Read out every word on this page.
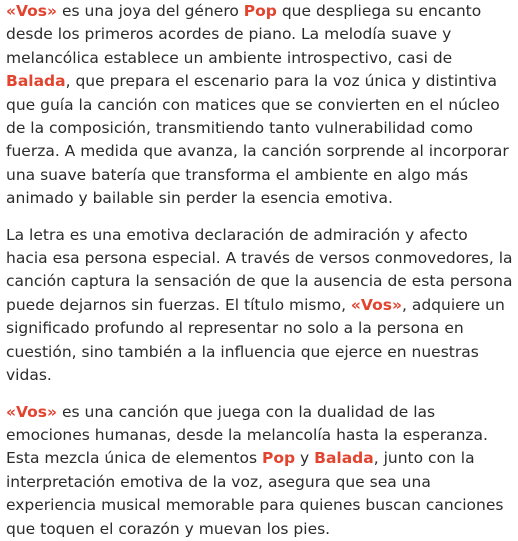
«Vos» es una joya del género Pop que despliega su encanto desde los primeros acordes de piano. La melodía suave y melancólica establece un ambiente introspectivo, casi de Balada, que prepara el escenario para la voz única y distintiva que guía la canción con matices que se convierten en el núcleo de la composición, transmitiendo tanto vulnerabilidad como fuerza. A medida que avanza, la canción sorprende al incorporar una suave batería que transforma el ambiente en algo más animado y bailable sin perder la esencia emotiva.

La letra es una emotiva declaración de admiración y afecto hacia esa persona especial. A través de versos conmovedores, la canción captura la sensación de que la ausencia de esta persona puede dejarnos sin fuerzas. El título mismo, «Vos», adquiere un significado profundo al representar no solo a la persona en cuestión, sino también a la influencia que ejerce en nuestras vidas.

«Vos» es una canción que juega con la dualidad de las emociones humanas, desde la melancolía hasta la esperanza. Esta mezcla única de elementos Pop y Balada, junto con la interpretación emotiva de la voz, asegura que sea una experiencia musical memorable para quienes buscan canciones que toquen el corazón y muevan los pies.
